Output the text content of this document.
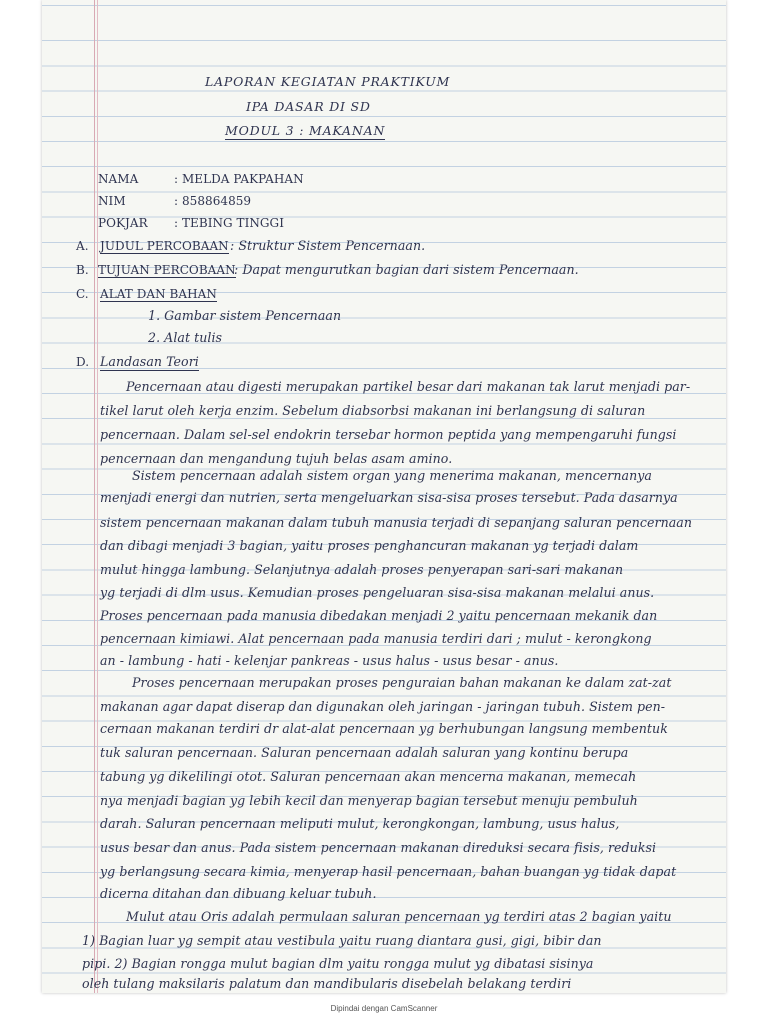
LAPORAN KEGIATAN PRAKTIKUM
IPA DASAR DI SD
MODUL 3 : MAKANAN
NAMA	: MELDA PAKPAHAN
NIM	: 858864859
POKJAR : TEBING TINGGI
A. JUDUL PERCOBAAN : Struktur Sistem Pencernaan.
B. TUJUAN PERCOBAAN
: Dapat mengurutkan bagian dari sistem Pencernaan.
C. ALAT DAN BAHAN
1. Gambar sistem Pencernaan
2. Alat tulis
D. Landasan Teori
Pencernaan atau digesti merupakan partikel besar dari makanan tak larut menjadi par-
tikel larut oleh kerja enzim. Sebelum diabsorbsi makanan ini berlangsung di saluran
pencernaan. Dalam sel-sel endokrin tersebar hormon peptida yang mempengaruhi fungsi
pencernaan dan mengandung tujuh belas asam amino.
Sistem pencernaan adalah sistem organ yang menerima makanan, mencernanya
menjadi energi dan nutrien, serta mengeluarkan sisa-sisa proses tersebut. Pada dasarnya
sistem pencernaan makanan dalam tubuh manusia terjadi di sepanjang saluran pencernaan
dan dibagi menjadi 3 bagian, yaitu proses penghancuran makanan yg terjadi dalam
mulut hingga lambung. Selanjutnya adalah proses penyerapan sari-sari makanan
yg terjadi di dlm usus. Kemudian proses pengeluaran sisa-sisa makanan melalui anus.
Proses pencernaan pada manusia dibedakan menjadi 2 yaitu pencernaan mekanik dan
pencernaan kimiawi. Alat pencernaan pada manusia terdiri dari ; mulut - kerongkong
an - lambung - hati - kelenjar pankreas - usus halus - usus besar - anus.
Proses pencernaan merupakan proses penguraian bahan makanan ke dalam zat-zat
makanan agar dapat diserap dan digunakan oleh jaringan - jaringan tubuh. Sistem pen-
cernaan makanan terdiri dr alat-alat pencernaan yg berhubungan langsung membentuk
tuk saluran pencernaan. Saluran pencernaan adalah saluran yang kontinu berupa
tabung yg dikelilingi otot. Saluran pencernaan akan mencerna makanan, memecah
nya menjadi bagian yg lebih kecil dan menyerap bagian tersebut menuju pembuluh
darah. Saluran pencernaan meliputi mulut, kerongkongan, lambung, usus halus,
usus besar dan anus. Pada sistem pencernaan makanan direduksi secara fisis, reduksi
yg berlangsung secara kimia, menyerap hasil pencernaan, bahan buangan yg tidak dapat
dicerna ditahan dan dibuang keluar tubuh.
Mulut atau Oris adalah permulaan saluran pencernaan yg terdiri atas 2 bagian yaitu
1) Bagian luar yg sempit atau vestibula yaitu ruang diantara gusi, gigi, bibir dan
pipi. 2) Bagian rongga mulut bagian dlm yaitu rongga mulut yg dibatasi sisinya
oleh tulang maksilaris palatum dan mandibularis disebelah belakang terdiri
Dipindai dengan CamScanner
